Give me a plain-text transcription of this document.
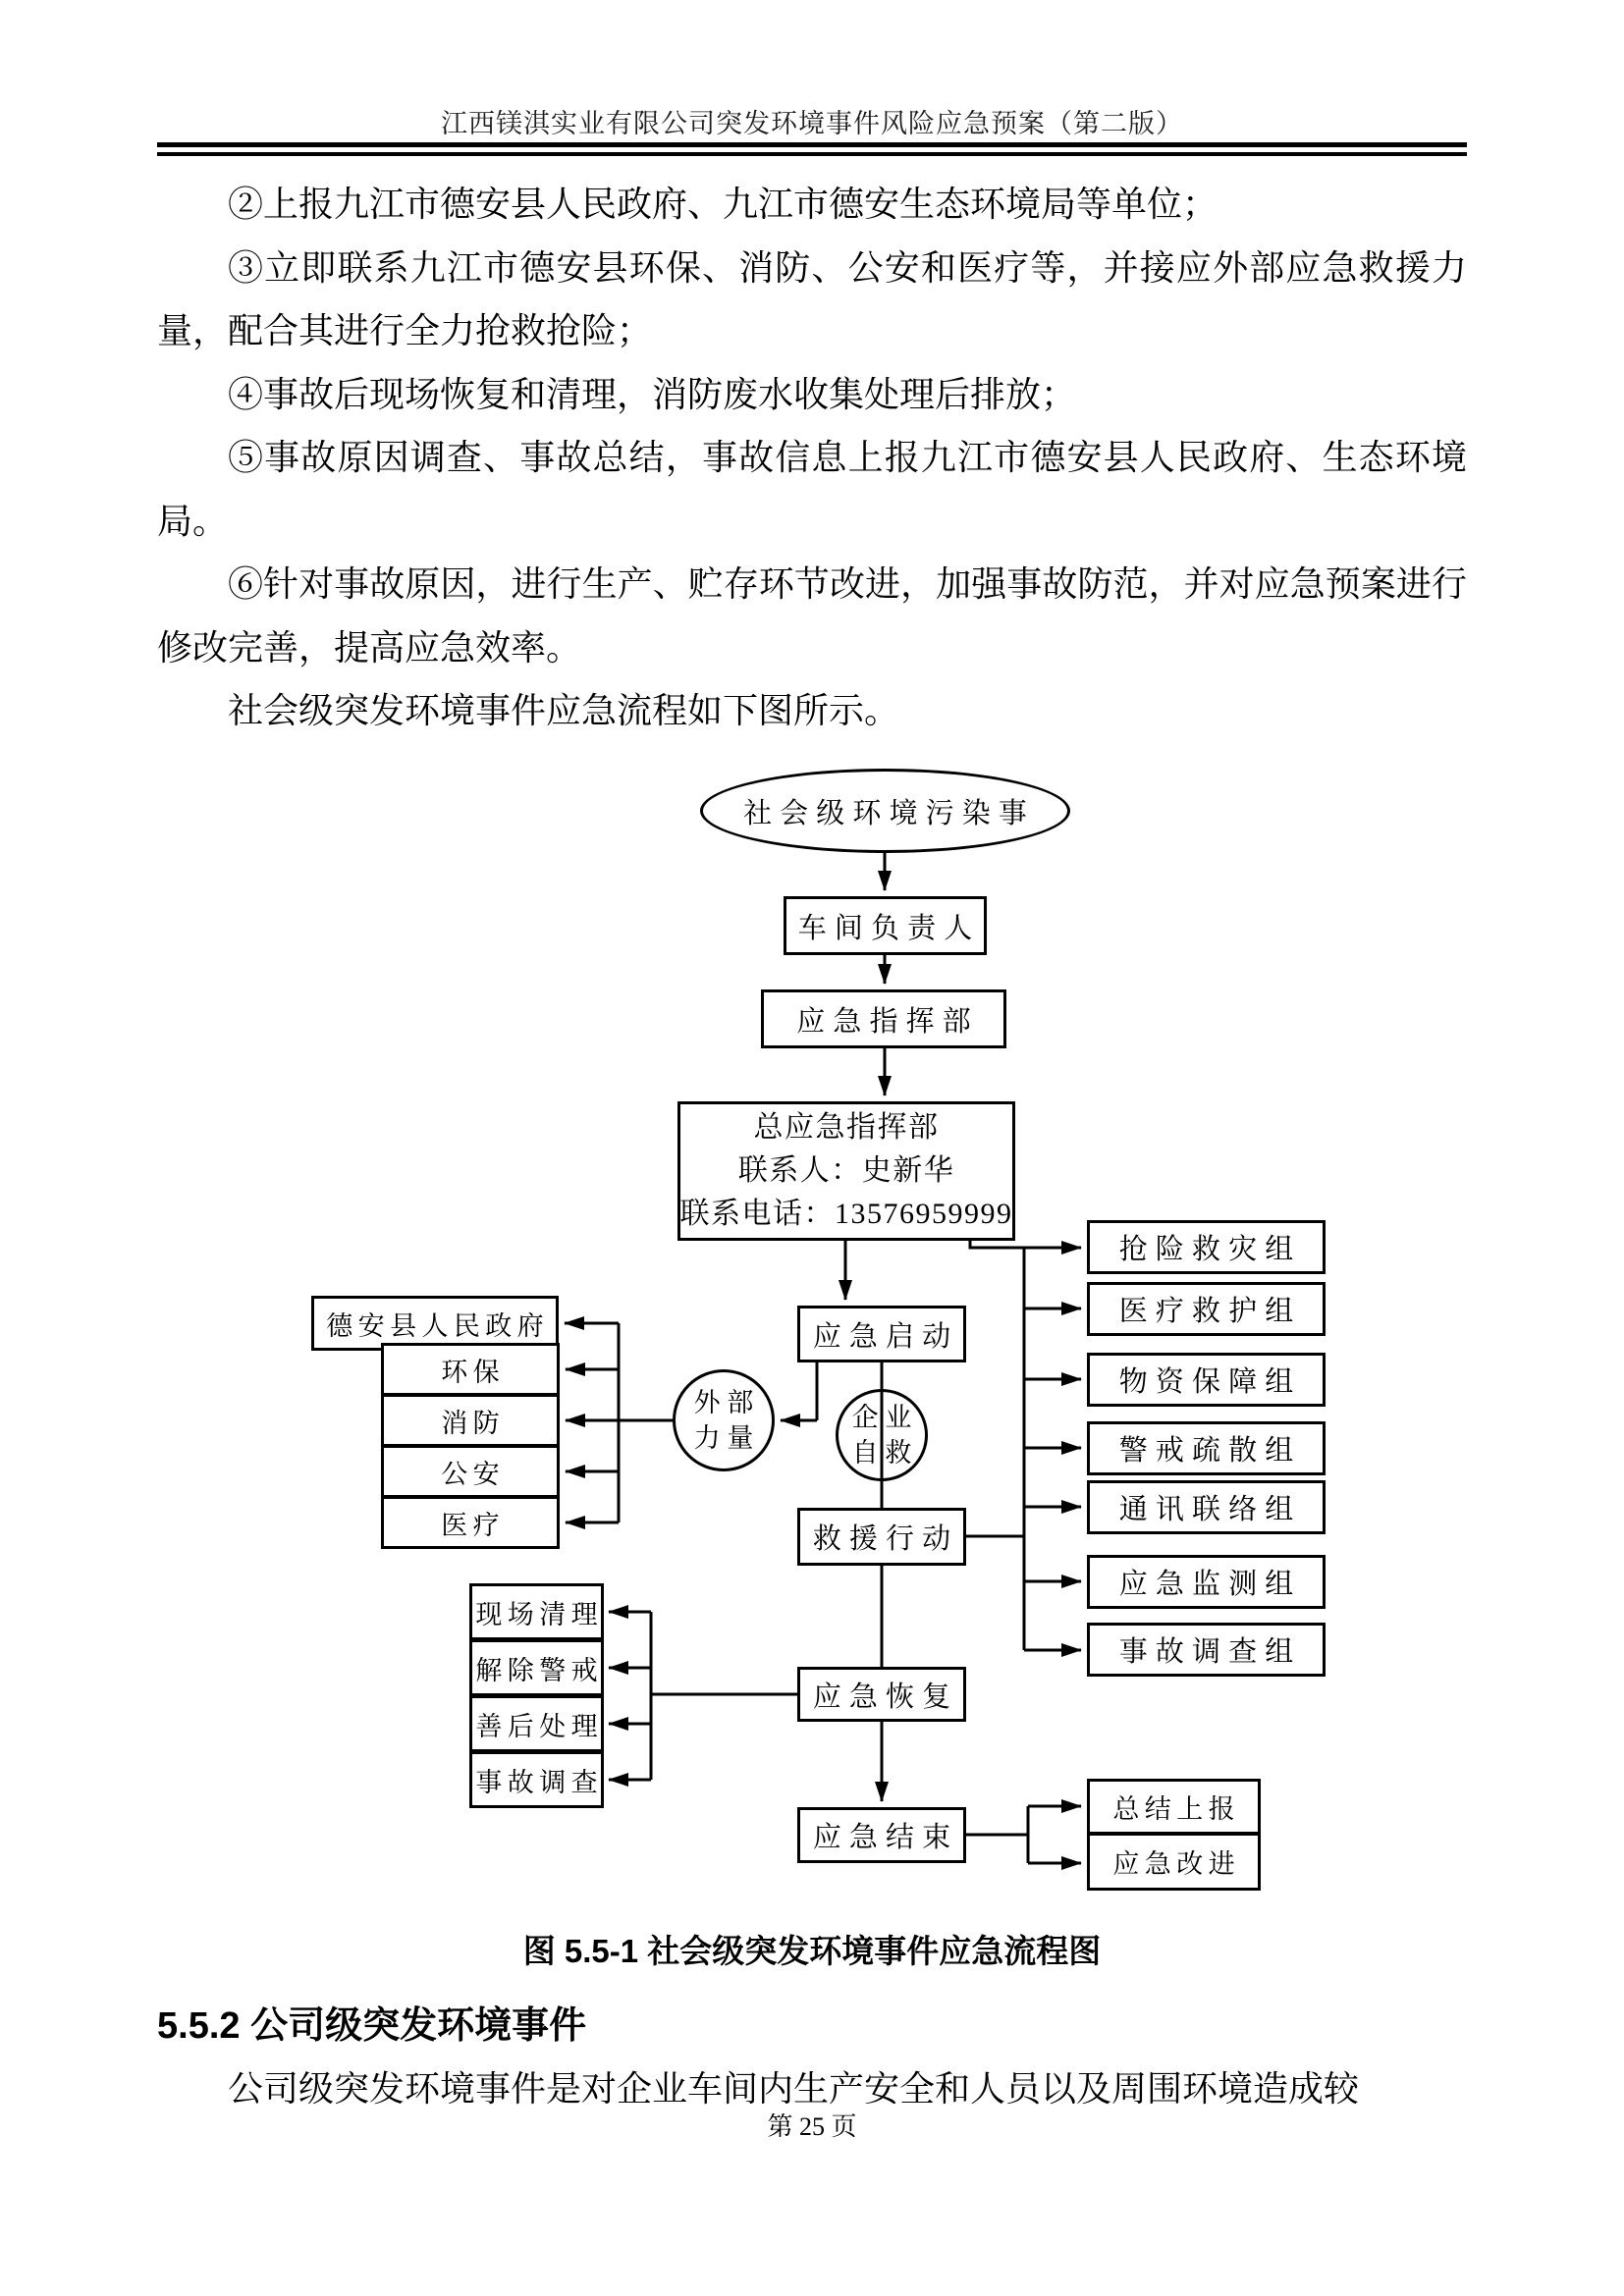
江西镁淇实业有限公司突发环境事件风险应急预案（第二版）

②上报九江市德安县人民政府、九江市德安生态环境局等单位；

③立即联系九江市德安县环保、消防、公安和医疗等，并接应外部应急救援力量，配合其进行全力抢救抢险；

④事故后现场恢复和清理，消防废水收集处理后排放；

⑤事故原因调查、事故总结，事故信息上报九江市德安县人民政府、生态环境局。

⑥针对事故原因，进行生产、贮存环节改进，加强事故防范，并对应急预案进行修改完善，提高应急效率。

社会级突发环境事件应急流程如下图所示。

社会级环境污染事
车间负责人
应急指挥部
总应急指挥部
联系人：史新华
联系电话：13576959999
应急启动
外部
力量
企业
自救
救援行动
应急恢复
应急结束
德安县人民政府
环保
消防
公安
医疗
抢险救灾组
医疗救护组
物资保障组
警戒疏散组
通讯联络组
应急监测组
事故调查组
现场清理
解除警戒
善后处理
事故调查
总结上报
应急改进
图 5.5-1 社会级突发环境事件应急流程图
5.5.2 公司级突发环境事件

公司级突发环境事件是对企业车间内生产安全和人员以及周围环境造成较

第 25 页
